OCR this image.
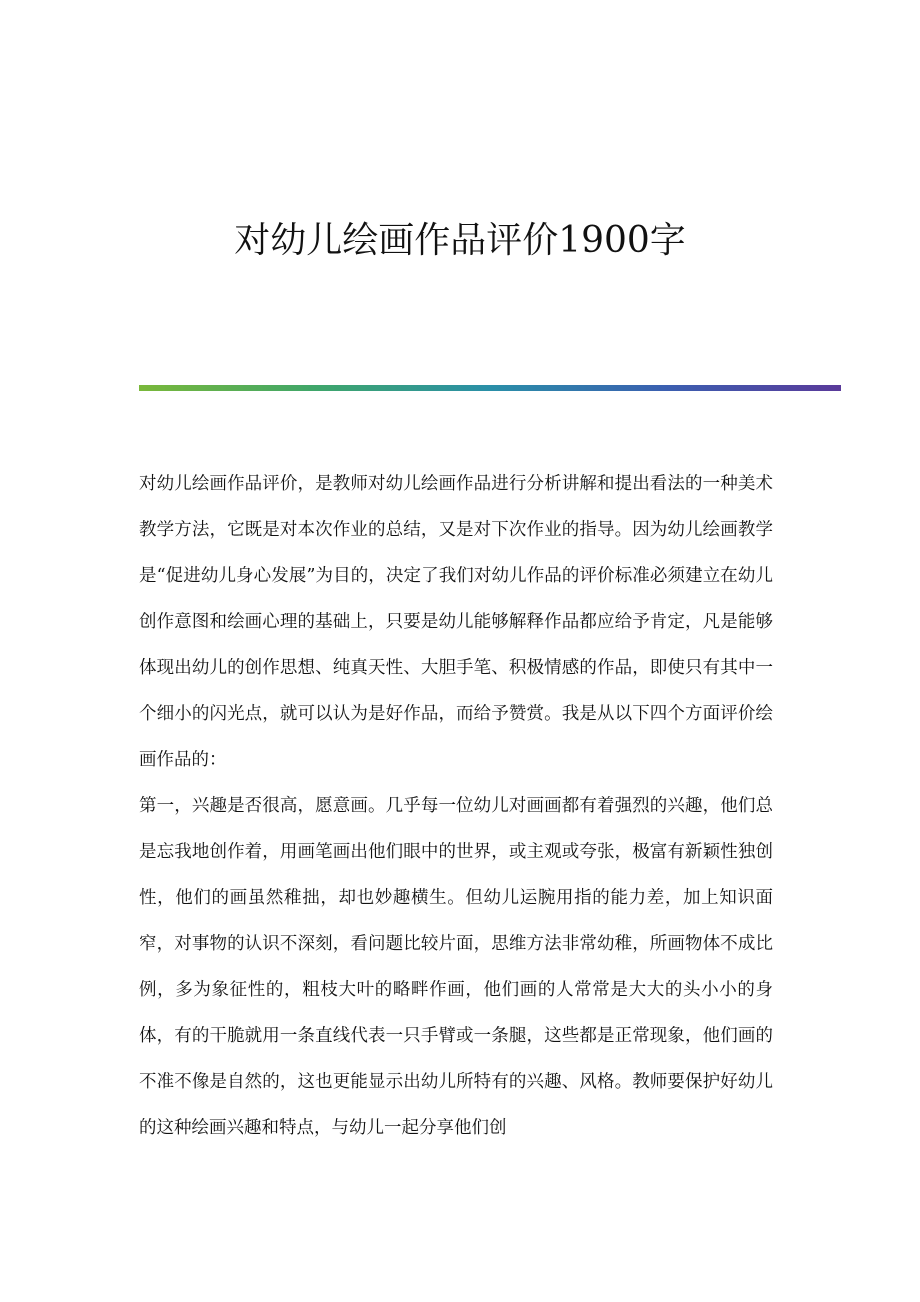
对幼儿绘画作品评价1900字

对幼儿绘画作品评价，是教师对幼儿绘画作品进行分析讲解和提出看法的一种美术教学方法，它既是对本次作业的总结，又是对下次作业的指导。因为幼儿绘画教学是“促进幼儿身心发展”为目的，决定了我们对幼儿作品的评价标准必须建立在幼儿创作意图和绘画心理的基础上，只要是幼儿能够解释作品都应给予肯定，凡是能够体现出幼儿的创作思想、纯真天性、大胆手笔、积极情感的作品，即使只有其中一个细小的闪光点，就可以认为是好作品，而给予赞赏。我是从以下四个方面评价绘画作品的：

第一，兴趣是否很高，愿意画。几乎每一位幼儿对画画都有着强烈的兴趣，他们总是忘我地创作着，用画笔画出他们眼中的世界，或主观或夸张，极富有新颖性独创性，他们的画虽然稚拙，却也妙趣横生。但幼儿运腕用指的能力差，加上知识面窄，对事物的认识不深刻，看问题比较片面，思维方法非常幼稚，所画物体不成比例，多为象征性的，粗枝大叶的略畔作画，他们画的人常常是大大的头小小的身体，有的干脆就用一条直线代表一只手臂或一条腿，这些都是正常现象，他们画的不准不像是自然的，这也更能显示出幼儿所特有的兴趣、风格。教师要保护好幼儿的这种绘画兴趣和特点，与幼儿一起分享他们创
